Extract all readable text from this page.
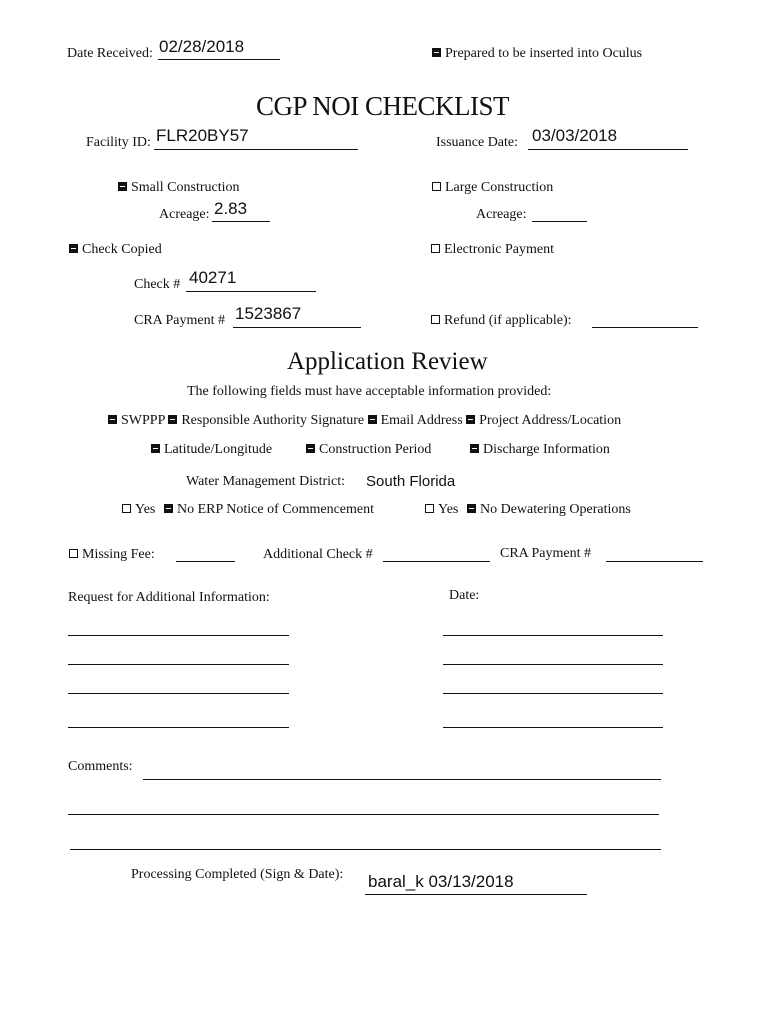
Date Received: 02/28/2018	Prepared to be inserted into Oculus
CGP NOI CHECKLIST
Facility ID: FLR20BY57	Issuance Date: 03/03/2018
Small Construction
Acreage: 2.83
Large Construction
Acreage:
Check Copied	Electronic Payment
Check # 40271
CRA Payment # 1523867	Refund (if applicable):
Application Review
The following fields must have acceptable information provided:
SWPPP Responsible Authority Signature Email Address Project Address/Location
Latitude/Longitude	Construction Period	Discharge Information
Water Management District: South Florida
Yes	No ERP Notice of Commencement	Yes	No Dewatering Operations
Missing Fee:	Additional Check #	CRA Payment #
Request for Additional Information:	Date:
Comments:
Processing Completed (Sign & Date): baral_k 03/13/2018
